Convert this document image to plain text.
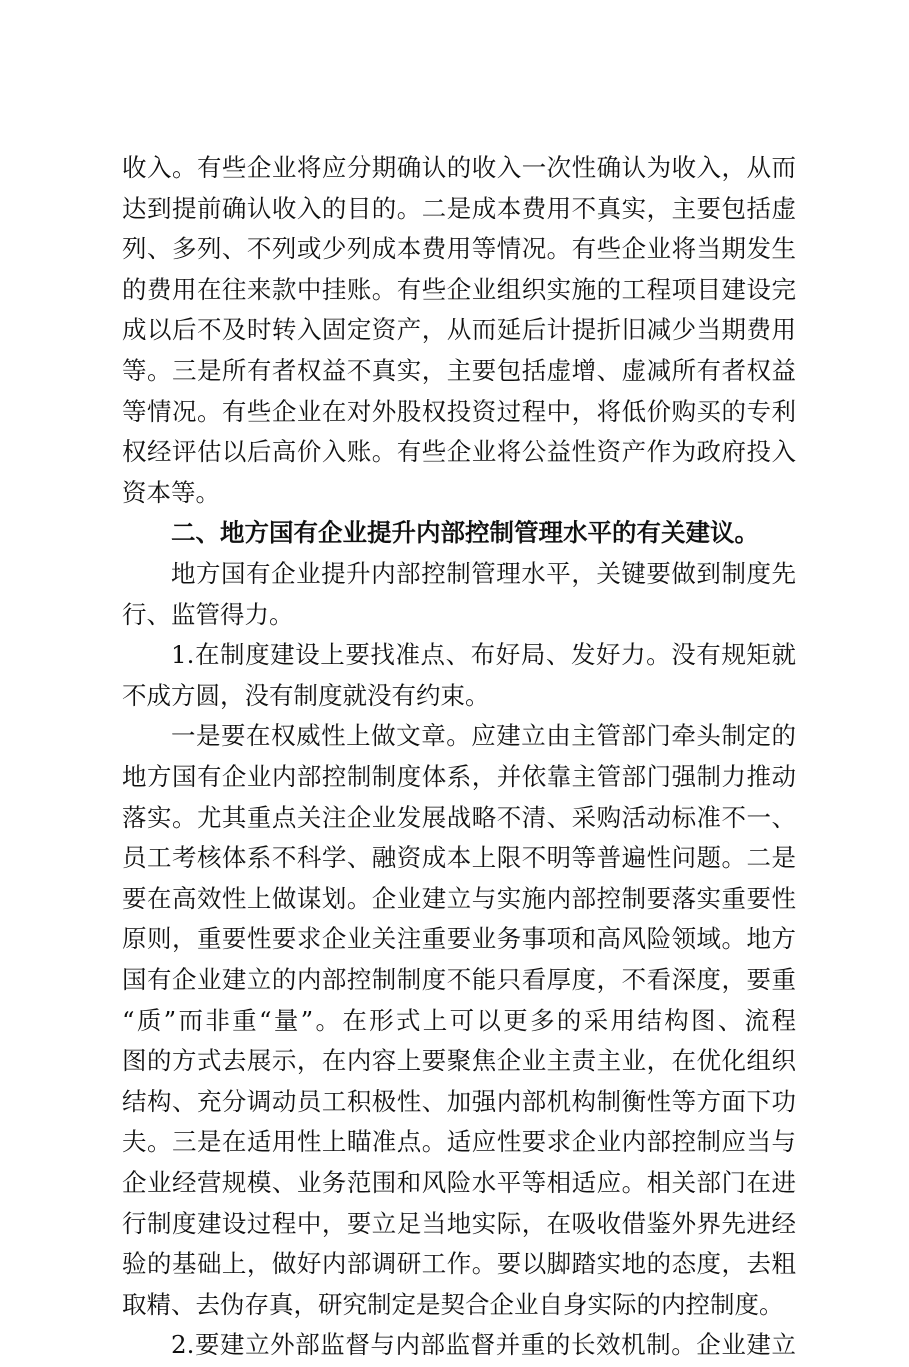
收入。有些企业将应分期确认的收入一次性确认为收入，从而
达到提前确认收入的目的。二是成本费用不真实，主要包括虚
列、多列、不列或少列成本费用等情况。有些企业将当期发生
的费用在往来款中挂账。有些企业组织实施的工程项目建设完
成以后不及时转入固定资产，从而延后计提折旧减少当期费用
等。三是所有者权益不真实，主要包括虚增、虚减所有者权益
等情况。有些企业在对外股权投资过程中，将低价购买的专利
权经评估以后高价入账。有些企业将公益性资产作为政府投入
资本等。
二、地方国有企业提升内部控制管理水平的有关建议。
地方国有企业提升内部控制管理水平，关键要做到制度先
行、监管得力。
1.在制度建设上要找准点、布好局、发好力。没有规矩就
不成方圆，没有制度就没有约束。
一是要在权威性上做文章。应建立由主管部门牵头制定的
地方国有企业内部控制制度体系，并依靠主管部门强制力推动
落实。尤其重点关注企业发展战略不清、采购活动标准不一、
员工考核体系不科学、融资成本上限不明等普遍性问题。二是
要在高效性上做谋划。企业建立与实施内部控制要落实重要性
原则，重要性要求企业关注重要业务事项和高风险领域。地方
国有企业建立的内部控制制度不能只看厚度，不看深度，要重
“质”而非重“量”。在形式上可以更多的采用结构图、流程
图的方式去展示，在内容上要聚焦企业主责主业，在优化组织
结构、充分调动员工积极性、加强内部机构制衡性等方面下功
夫。三是在适用性上瞄准点。适应性要求企业内部控制应当与
企业经营规模、业务范围和风险水平等相适应。相关部门在进
行制度建设过程中，要立足当地实际，在吸收借鉴外界先进经
验的基础上，做好内部调研工作。要以脚踏实地的态度，去粗
取精、去伪存真，研究制定是契合企业自身实际的内控制度。
2.要建立外部监督与内部监督并重的长效机制。企业建立
